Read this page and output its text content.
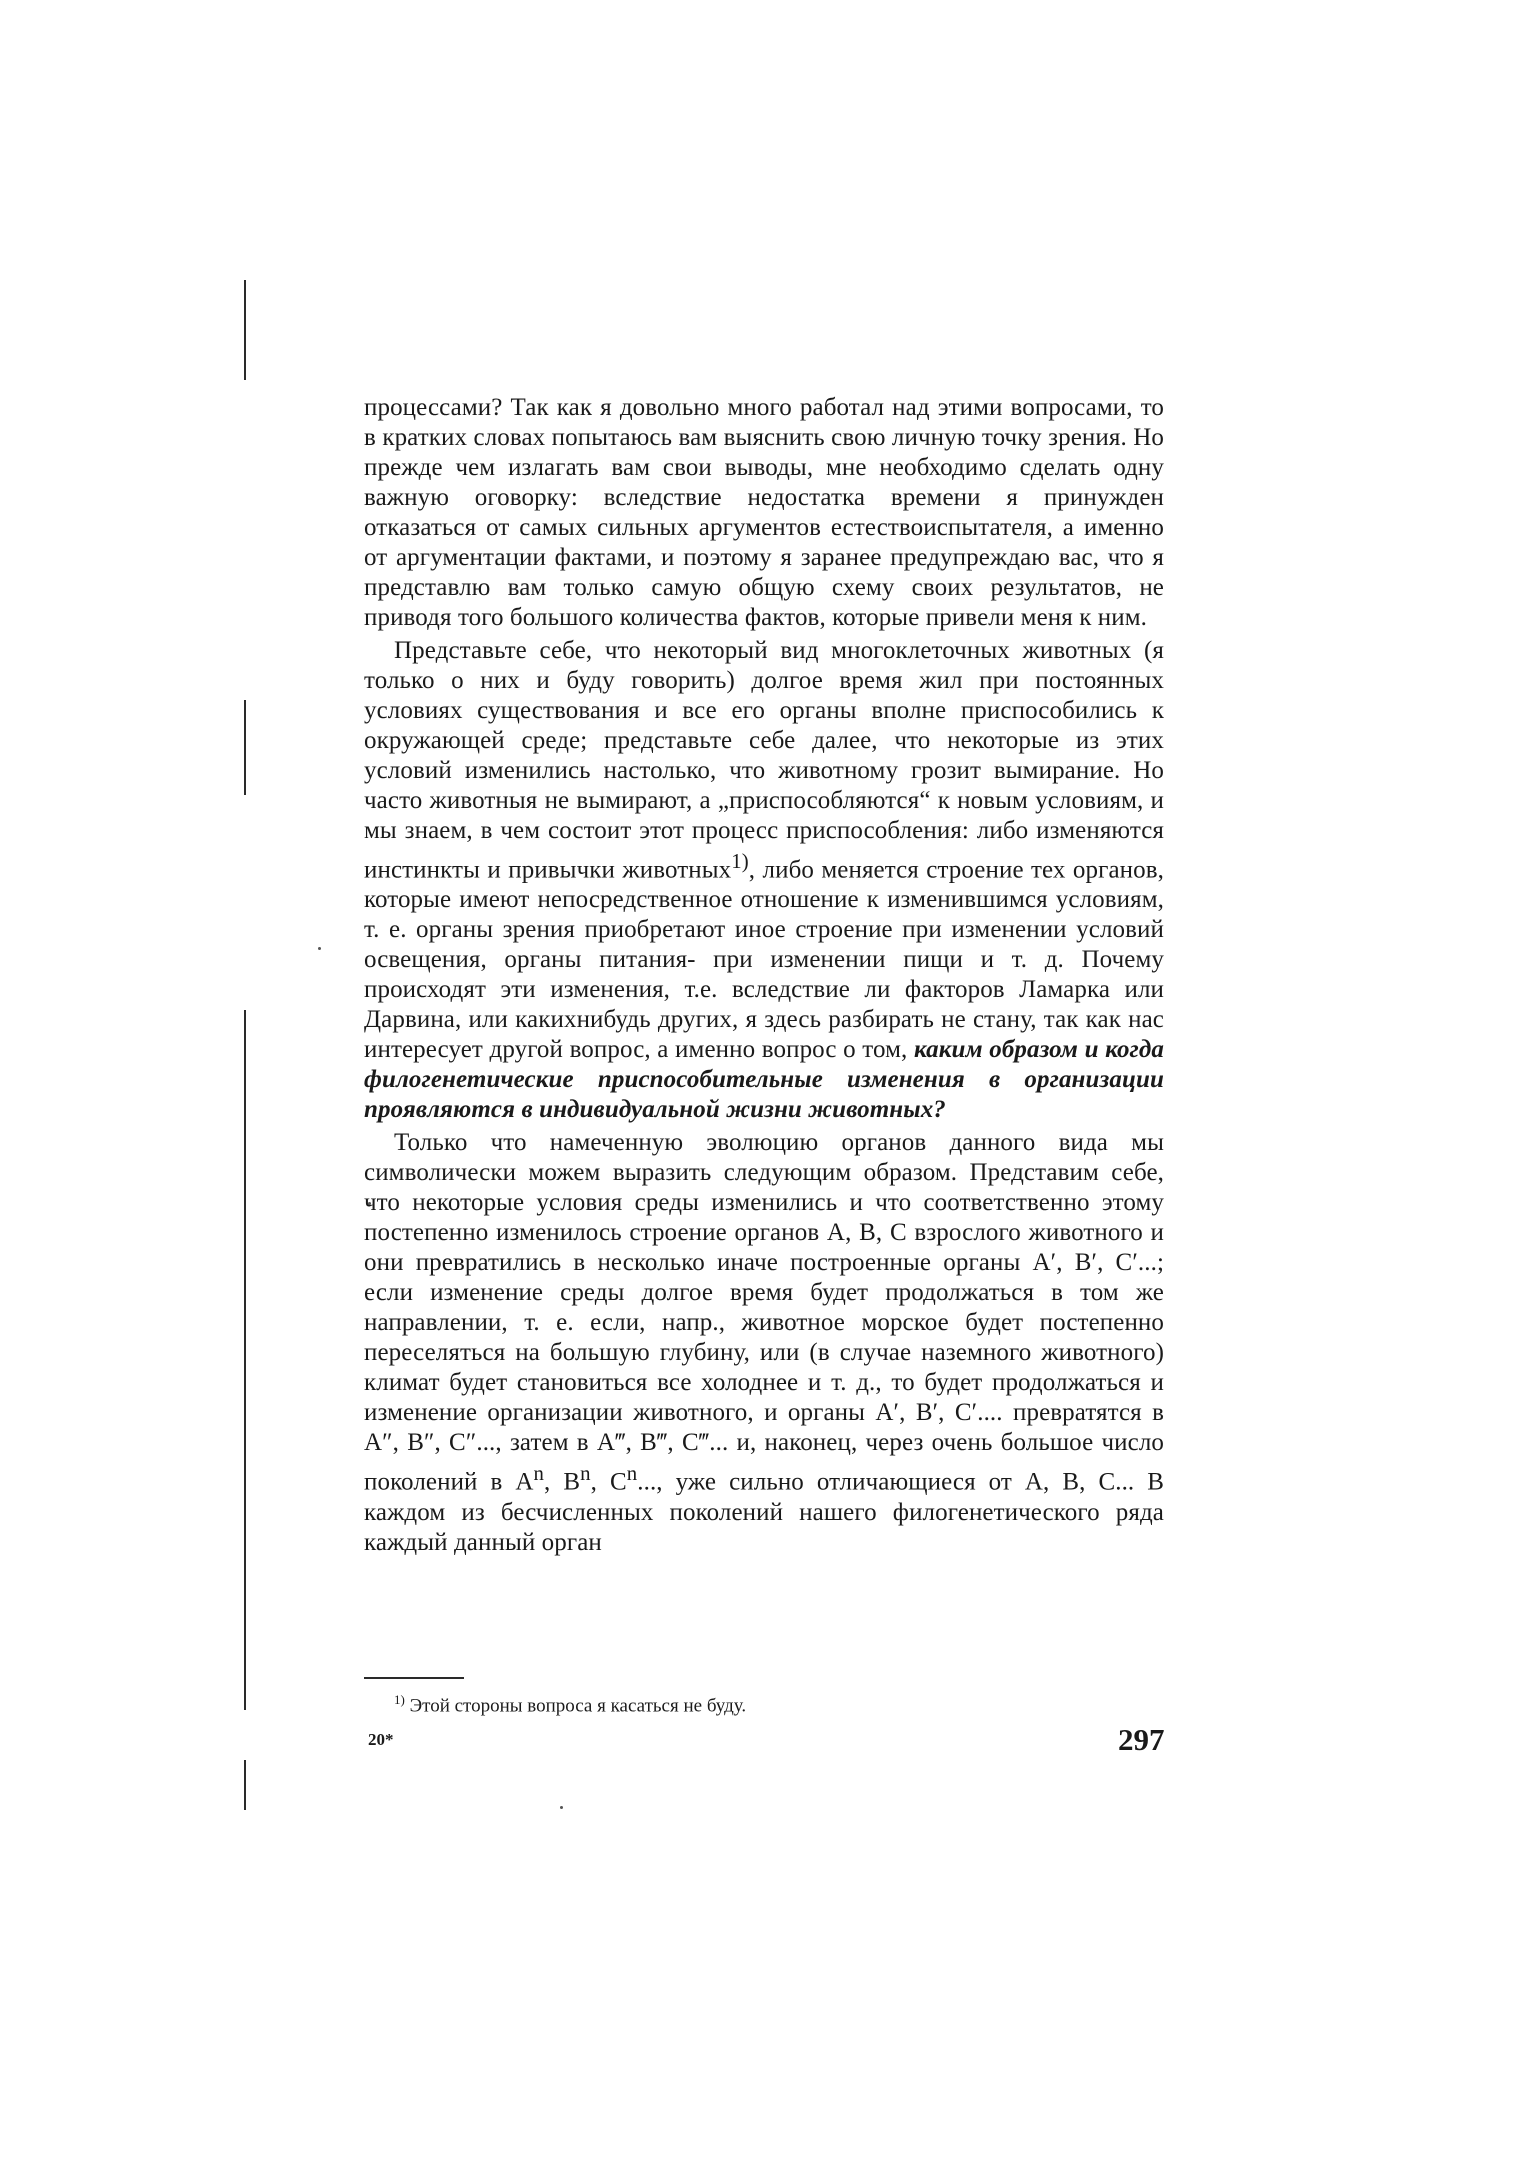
процессами? Так как я довольно много работал над этими вопросами, то в кратких словах попытаюсь вам выяснить свою личную точку зрения. Но прежде чем излагать вам свои выводы, мне необходимо сделать одну важную оговорку: вследствие недостатка времени я принужден отказаться от самых сильных аргументов естествоиспытателя, а именно от аргументации фактами, и поэтому я заранее предупреждаю вас, что я представлю вам только самую общую схему своих результатов, не приводя того большого количества фактов, которые привели меня к ним.

Представьте себе, что некоторый вид многоклеточных животных (я только о них и буду говорить) долгое время жил при постоянных условиях существования и все его органы вполне приспособились к окружающей среде; представьте себе далее, что некоторые из этих условий изменились настолько, что животному грозит вымирание. Но часто животныя не вымирают, а „приспособляются“ к новым условиям, и мы знаем, в чем состоит этот процесс приспособления: либо изменяются инстинкты и привычки животных$^{1)}$, либо меняется строение тех органов, которые имеют непосредственное отношение к изменившимся условиям, т. е. органы зрения приобретают иное строение при изменении условий освещения, органы питания- при изменении пищи и т. д. Почему происходят эти изменения, т.е. вследствие ли факторов Ламарка или Дарвина, или какихнибудь других, я здесь разбирать не стану, так как нас интересует другой вопрос, а именно вопрос о том, каким образом и когда филогенетические приспособительные изменения в организации проявляются в индивидуальной жизни животных?

Только что намеченную эволюцию органов данного вида мы символически можем выразить следующим образом. Представим себе, что некоторые условия среды изменились и что соответственно этому постепенно изменилось строение органов A, B, C взрослого животного и они превратились в несколько иначе построенные органы A′, B′, C′...; если изменение среды долгое время будет продолжаться в том же направлении, т. е. если, напр., животное морское будет постепенно переселяться на большую глубину, или (в случае наземного животного) климат будет становиться все холоднее и т. д., то будет продолжаться и изменение организации животного, и органы A′, B′, C′.... превратятся в A″, B″, C″..., затем в A‴, B‴, C‴... и, наконец, через очень большое число поколений в $A^n$, $B^n$, $C^n$..., уже сильно отличающиеся от A, B, C... В каждом из бесчисленных поколений нашего филогенетического ряда каждый данный орган

$^{1)}$ Этой стороны вопроса я касаться не буду.
20*	297
